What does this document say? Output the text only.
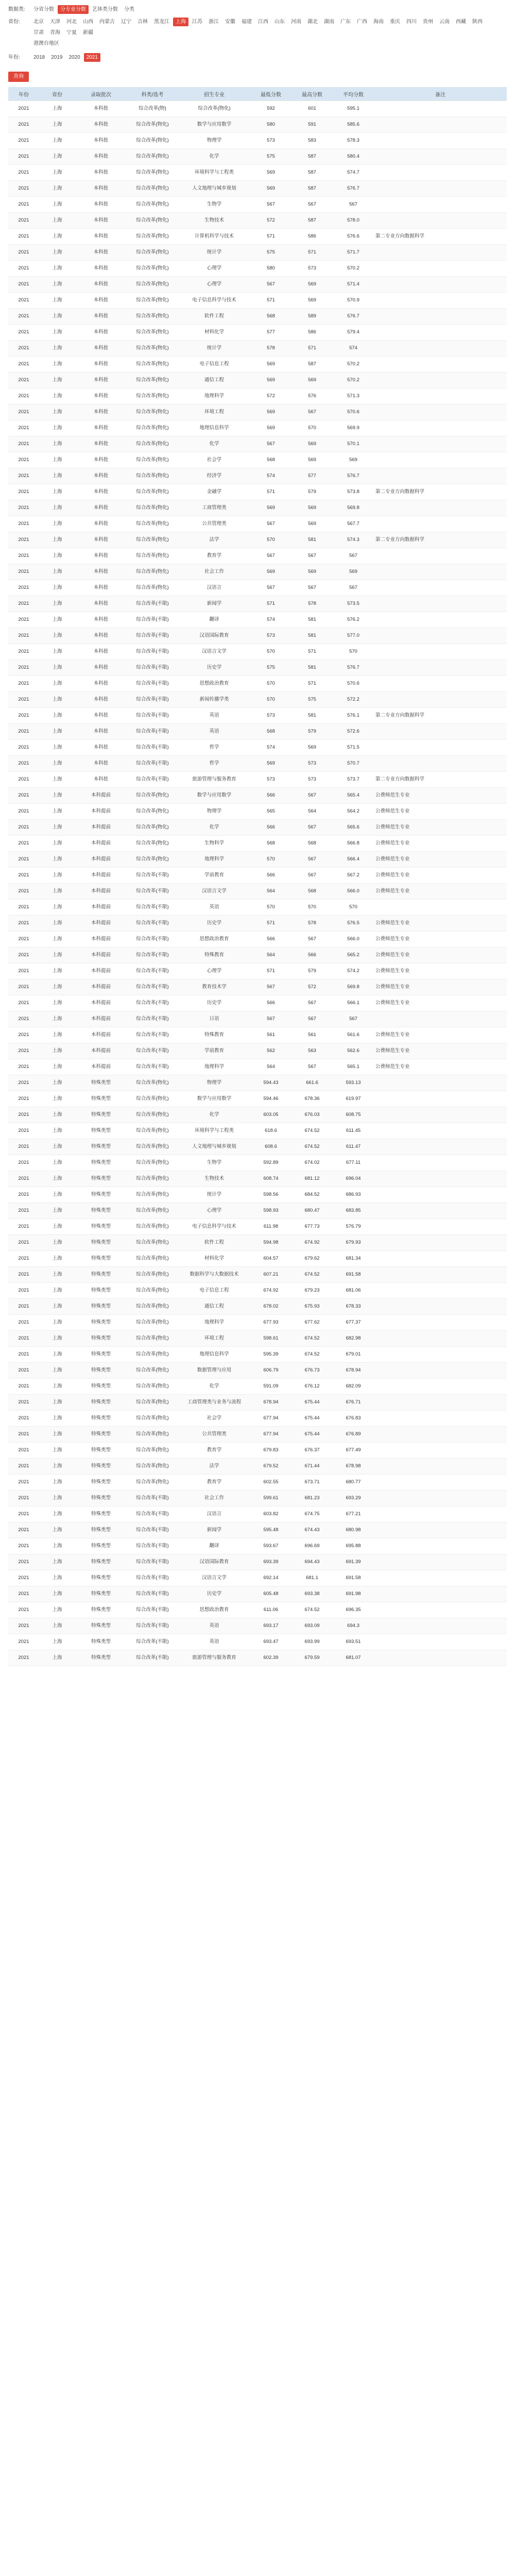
数据类:	分省分数 分专业分数 艺体类分数 分类
省份:	北京	天津	河北	山西	内蒙古	辽宁	吉林	黑龙江	上海	江苏	浙江	安徽	福建	江西	山东	河南	湖北	湖南	广东	广西	海南	重庆	四川	贵州	云南	西藏	陕西
甘肃	青海	宁夏	新疆
港澳台地区
年份:	2018 2019 2020 2021
查询
年份	省份	录取批次	科类/选考	招生专业	最低分数	最高分数	平均分数	备注
2021	上海	本科批	综合改革(物)	综合改革(物化)	592	601	595.1	
2021	上海	本科批	综合改革(物化)	数学与应用数学	580	591	585.6	
2021	上海	本科批	综合改革(物化)	物理学	573	583	578.3	
2021	上海	本科批	综合改革(物化)	化学	575	587	580.4	
2021	上海	本科批	综合改革(物化)	环境科学与工程类	569	587	574.7	
2021	上海	本科批	综合改革(物化)	人文地理与城乡规划	569	587	576.7	
2021	上海	本科批	综合改革(物化)	生物学	567	567	567	
2021	上海	本科批	综合改革(物化)	生物技术	572	587	578.0	
2021	上海	本科批	综合改革(物化)	计算机科学与技术	571	586	576.6	第二专业方向数据科学
2021	上海	本科批	综合改革(物化)	统计学	575	571	571.7	
2021	上海	本科批	综合改革(物化)	心理学	580	573	570.2	
2021	上海	本科批	综合改革(物化)	心理学	567	569	571.4	
2021	上海	本科批	综合改革(物化)	电子信息科学与技术	571	569	570.9	
2021	上海	本科批	综合改革(物化)	软件工程	568	589	576.7	
2021	上海	本科批	综合改革(物化)	材料化学	577	586	579.4	
2021	上海	本科批	综合改革(物化)	统计学	578	571	574	
2021	上海	本科批	综合改革(物化)	电子信息工程	569	587	570.2	
2021	上海	本科批	综合改革(物化)	通信工程	569	569	570.2	
2021	上海	本科批	综合改革(物化)	地理科学	572	576	571.3	
2021	上海	本科批	综合改革(物化)	环境工程	569	567	570.6	
2021	上海	本科批	综合改革(物化)	地理信息科学	569	570	569.9	
2021	上海	本科批	综合改革(物化)	化学	567	569	570.1	
2021	上海	本科批	综合改革(物化)	社会学	568	569	569	
2021	上海	本科批	综合改革(物化)	经济学	574	577	576.7	
2021	上海	本科批	综合改革(物化)	金融学	571	579	573.8	第二专业方向数据科学
2021	上海	本科批	综合改革(物化)	工商管理类	569	569	569.8	
2021	上海	本科批	综合改革(物化)	公共管理类	567	569	567.7	
2021	上海	本科批	综合改革(物化)	法学	570	581	574.3	第二专业方向数据科学
2021	上海	本科批	综合改革(物化)	教育学	567	567	567	
2021	上海	本科批	综合改革(物化)	社会工作	569	569	569	
2021	上海	本科批	综合改革(物化)	汉语言	567	567	567	
2021	上海	本科批	综合改革(不限)	新闻学	571	578	573.5	
2021	上海	本科批	综合改革(不限)	翻译	574	581	576.2	
2021	上海	本科批	综合改革(不限)	汉语国际教育	573	581	577.0	
2021	上海	本科批	综合改革(不限)	汉语言文学	570	571	570	
2021	上海	本科批	综合改革(不限)	历史学	575	581	576.7	
2021	上海	本科批	综合改革(不限)	思想政治教育	570	571	570.6	
2021	上海	本科批	综合改革(不限)	新闻传播学类	570	575	572.2	
2021	上海	本科批	综合改革(不限)	英语	573	581	576.1	第二专业方向数据科学
2021	上海	本科批	综合改革(不限)	英语	568	579	572.6	
2021	上海	本科批	综合改革(不限)	哲学	574	569	571.5	
2021	上海	本科批	综合改革(不限)	哲学	569	573	570.7	
2021	上海	本科批	综合改革(不限)	旅游管理与服务教育	573	573	573.7	第二专业方向数据科学
2021	上海	本科提前	综合改革(物化)	数学与应用数学	566	567	565.4	公费师范生专业
2021	上海	本科提前	综合改革(物化)	物理学	565	564	564.2	公费师范生专业
2021	上海	本科提前	综合改革(物化)	化学	566	567	565.6	公费师范生专业
2021	上海	本科提前	综合改革(物化)	生物科学	568	568	566.8	公费师范生专业
2021	上海	本科提前	综合改革(物化)	地理科学	570	567	566.4	公费师范生专业
2021	上海	本科提前	综合改革(不限)	学前教育	566	567	567.2	公费师范生专业
2021	上海	本科提前	综合改革(不限)	汉语言文学	564	568	566.0	公费师范生专业
2021	上海	本科提前	综合改革(不限)	英语	570	570	570	
2021	上海	本科提前	综合改革(不限)	历史学	571	578	576.5	公费师范生专业
2021	上海	本科提前	综合改革(不限)	思想政治教育	566	567	566.0	公费师范生专业
2021	上海	本科提前	综合改革(不限)	特殊教育	564	566	565.2	公费师范生专业
2021	上海	本科提前	综合改革(不限)	心理学	571	579	574.2	公费师范生专业
2021	上海	本科提前	综合改革(不限)	教育技术学	567	572	569.8	公费师范生专业
2021	上海	本科提前	综合改革(不限)	历史学	566	567	566.1	公费师范生专业
2021	上海	本科提前	综合改革(不限)	日语	567	567	567	
2021	上海	本科提前	综合改革(不限)	特殊教育	561	561	561.6	公费师范生专业
2021	上海	本科提前	综合改革(不限)	学前教育	562	563	562.6	公费师范生专业
2021	上海	本科提前	综合改革(不限)	地理科学	564	567	565.1	公费师范生专业
2021	上海	特殊类型	综合改革(物化)	物理学	594.43	661.6	593.13	
2021	上海	特殊类型	综合改革(物化)	数学与应用数学	594.46	678.36	619.97	
2021	上海	特殊类型	综合改革(物化)	化学	603.05	676.03	608.75	
2021	上海	特殊类型	综合改革(物化)	环境科学与工程类	618.6	674.52	611.45	
2021	上海	特殊类型	综合改革(物化)	人文地理与城乡规划	608.6	674.52	611.47	
2021	上海	特殊类型	综合改革(物化)	生物学	592.89	674.02	677.11	
2021	上海	特殊类型	综合改革(物化)	生物技术	608.74	681.12	696.04	
2021	上海	特殊类型	综合改革(物化)	统计学	598.56	684.52	686.93	
2021	上海	特殊类型	综合改革(物化)	心理学	598.93	680.47	683.85	
2021	上海	特殊类型	综合改革(物化)	电子信息科学与技术	611.98	677.73	576.79	
2021	上海	特殊类型	综合改革(物化)	软件工程	594.98	674.92	679.93	
2021	上海	特殊类型	综合改革(物化)	材料化学	604.57	679.62	681.34	
2021	上海	特殊类型	综合改革(物化)	数据科学与大数据技术	607.21	674.52	691.58	
2021	上海	特殊类型	综合改革(物化)	电子信息工程	674.92	679.23	681.06	
2021	上海	特殊类型	综合改革(物化)	通信工程	678.02	675.93	678.33	
2021	上海	特殊类型	综合改革(物化)	地理科学	677.93	677.62	677.37	
2021	上海	特殊类型	综合改革(物化)	环境工程	598.61	674.52	682.98	
2021	上海	特殊类型	综合改革(物化)	地理信息科学	595.39	674.52	679.01	
2021	上海	特殊类型	综合改革(物化)	数据管理与应用	606.79	676.73	678.94	
2021	上海	特殊类型	综合改革(物化)	化学	591.09	676.12	682.09	
2021	上海	特殊类型	综合改革(物化)	工商管理类与业务与流程	678.94	675.44	676.71	
2021	上海	特殊类型	综合改革(物化)	社会学	677.94	675.44	676.83	
2021	上海	特殊类型	综合改革(物化)	公共管理类	677.94	675.44	676.89	
2021	上海	特殊类型	综合改革(物化)	教育学	679.83	676.37	677.49	
2021	上海	特殊类型	综合改革(物化)	法学	679.52	671.44	678.98	
2021	上海	特殊类型	综合改革(物化)	教育学	602.55	673.71	680.77	
2021	上海	特殊类型	综合改革(不限)	社会工作	599.61	681.23	693.29	
2021	上海	特殊类型	综合改革(不限)	汉语言	603.82	674.75	677.21	
2021	上海	特殊类型	综合改革(不限)	新闻学	595.48	674.43	680.98	
2021	上海	特殊类型	综合改革(不限)	翻译	593.67	696.69	695.88	
2021	上海	特殊类型	综合改革(不限)	汉语国际教育	693.39	694.43	691.39	
2021	上海	特殊类型	综合改革(不限)	汉语言文学	692.14	681.1	691.58	
2021	上海	特殊类型	综合改革(不限)	历史学	605.48	693.38	691.98	
2021	上海	特殊类型	综合改革(不限)	思想政治教育	611.06	674.52	696.35	
2021	上海	特殊类型	综合改革(不限)	英语	693.17	693.09	694.3	
2021	上海	特殊类型	综合改革(不限)	英语	693.47	693.99	693.51	
2021	上海	特殊类型	综合改革(不限)	旅游管理与服务教育	602.39	679.59	681.07	
